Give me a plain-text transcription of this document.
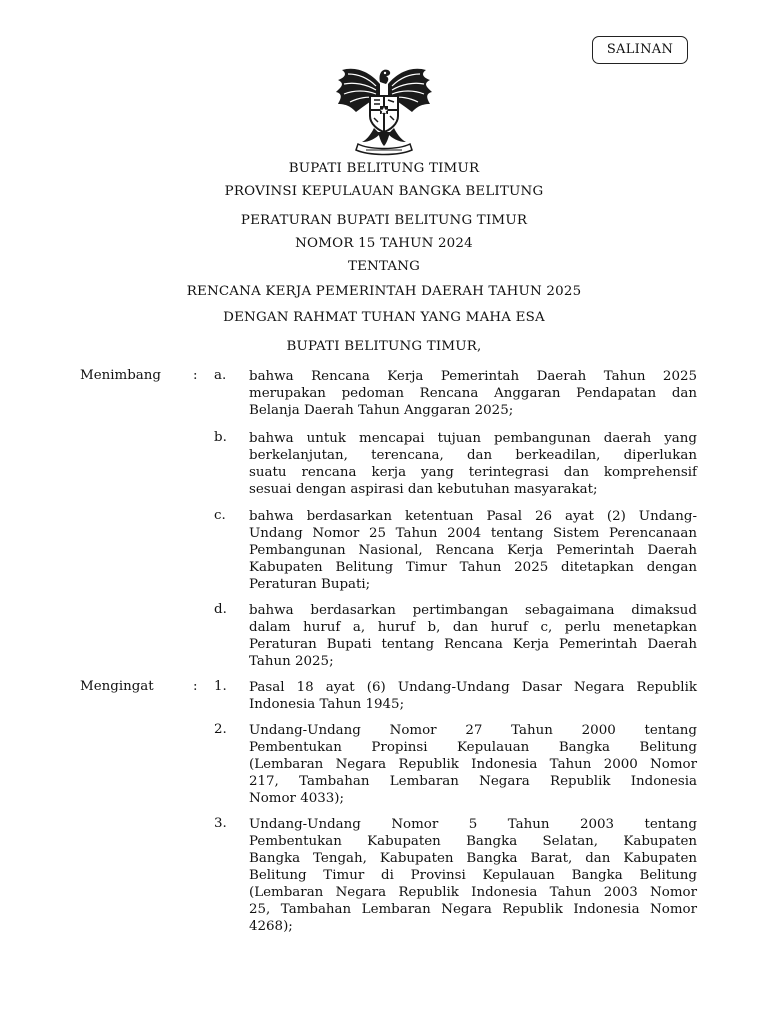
SALINAN
BUPATI BELITUNG TIMUR
PROVINSI KEPULAUAN BANGKA BELITUNG
PERATURAN BUPATI BELITUNG TIMUR
NOMOR 15 TAHUN 2024
TENTANG
RENCANA KERJA PEMERINTAH DAERAH TAHUN 2025
DENGAN RAHMAT TUHAN YANG MAHA ESA
BUPATI BELITUNG TIMUR,
Menimbang : a. bahwa Rencana Kerja Pemerintah Daerah Tahun 2025
merupakan pedoman Rencana Anggaran Pendapatan dan
Belanja Daerah Tahun Anggaran 2025;
b. bahwa untuk mencapai tujuan pembangunan daerah yang
berkelanjutan, terencana, dan berkeadilan, diperlukan
suatu rencana kerja yang terintegrasi dan komprehensif
sesuai dengan aspirasi dan kebutuhan masyarakat;
c. bahwa berdasarkan ketentuan Pasal 26 ayat (2) Undang-
Undang Nomor 25 Tahun 2004 tentang Sistem Perencanaan
Pembangunan Nasional, Rencana Kerja Pemerintah Daerah
Kabupaten Belitung Timur Tahun 2025 ditetapkan dengan
Peraturan Bupati;
d. bahwa berdasarkan pertimbangan sebagaimana dimaksud
dalam huruf a, huruf b, dan huruf c, perlu menetapkan
Peraturan Bupati tentang Rencana Kerja Pemerintah Daerah
Tahun 2025;
Mengingat	: 1. Pasal 18 ayat (6) Undang-Undang Dasar Negara Republik
Indonesia Tahun 1945;
2. Undang-Undang Nomor 27 Tahun 2000 tentang
Pembentukan Propinsi Kepulauan Bangka Belitung
(Lembaran Negara Republik Indonesia Tahun 2000 Nomor
217, Tambahan Lembaran Negara Republik Indonesia
Nomor 4033);
3. Undang-Undang Nomor 5 Tahun 2003 tentang
Pembentukan Kabupaten Bangka Selatan, Kabupaten
Bangka Tengah, Kabupaten Bangka Barat, dan Kabupaten
Belitung Timur di Provinsi Kepulauan Bangka Belitung
(Lembaran Negara Republik Indonesia Tahun 2003 Nomor
25, Tambahan Lembaran Negara Republik Indonesia Nomor
4268);
